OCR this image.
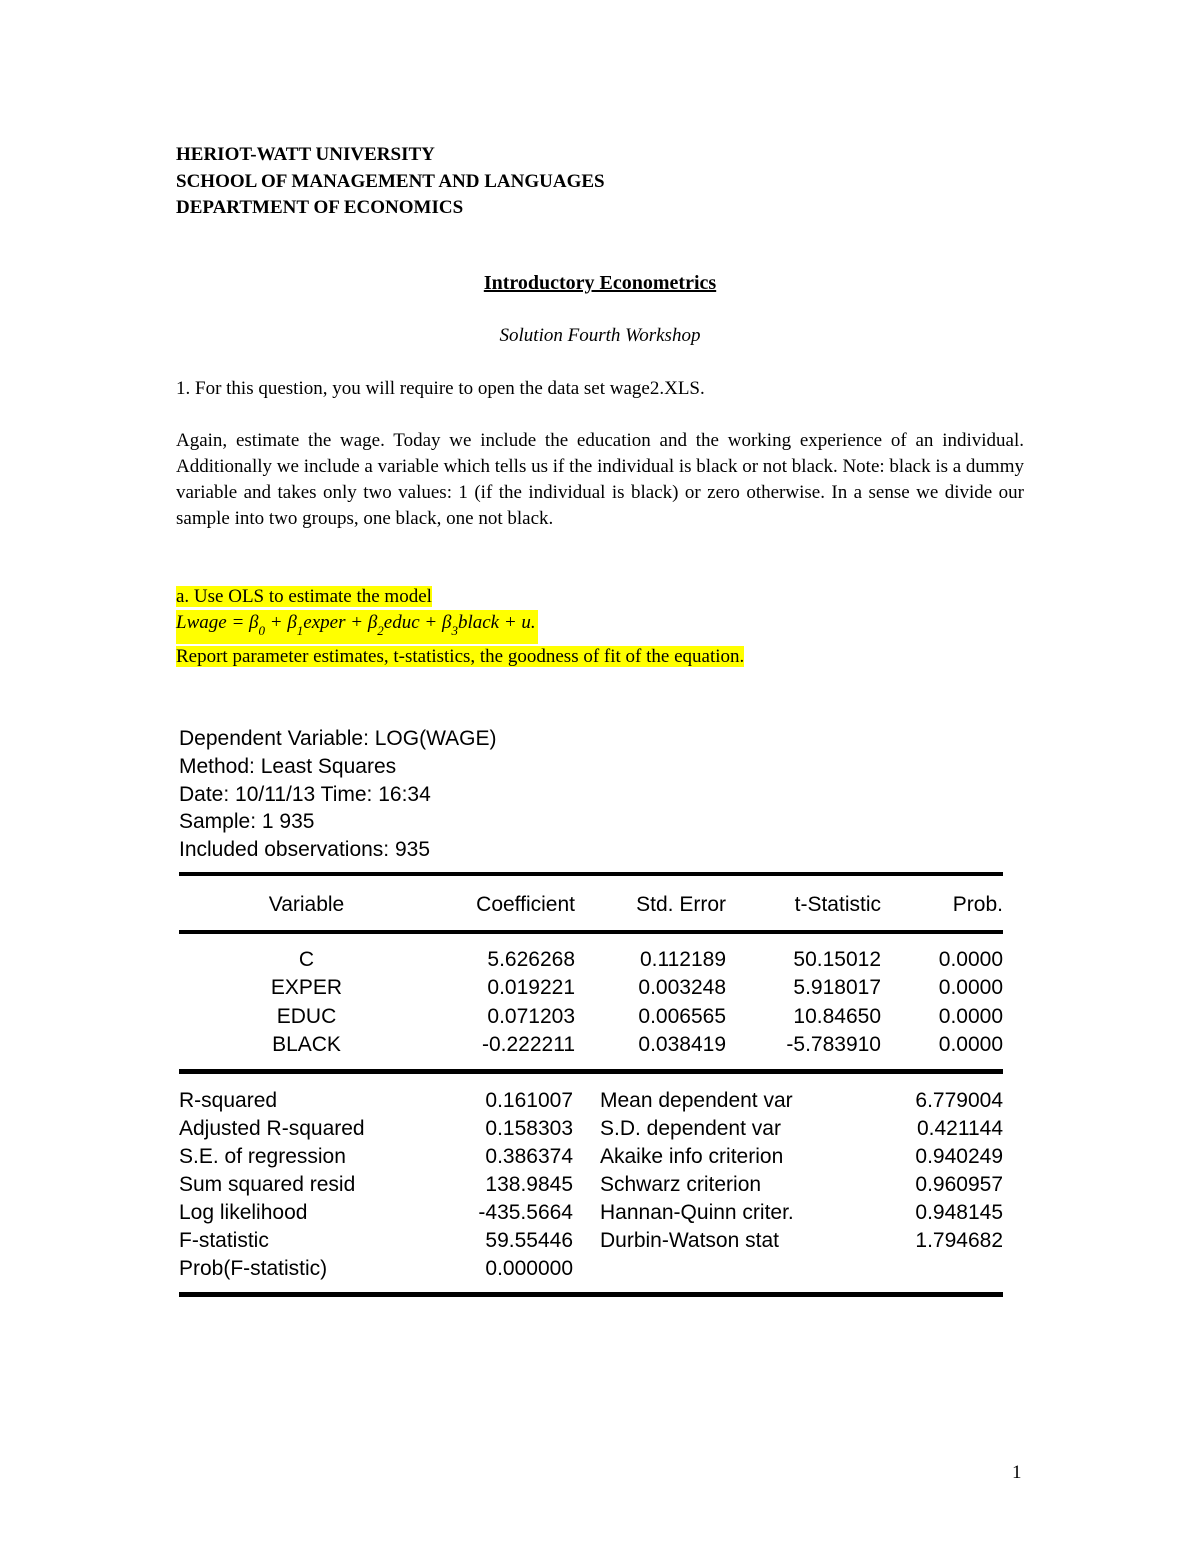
HERIOT-WATT UNIVERSITY
SCHOOL OF MANAGEMENT AND LANGUAGES
DEPARTMENT OF ECONOMICS
Introductory Econometrics
Solution Fourth Workshop
1. For this question, you will require to open the data set wage2.XLS.
Again, estimate the wage. Today we include the education and the working experience of an individual. Additionally we include a variable which tells us if the individual is black or not black. Note: black is a dummy variable and takes only two values: 1 (if the individual is black) or zero otherwise. In a sense we divide our sample into two groups, one black, one not black.
a. Use OLS to estimate the model
Lwage = $\beta_0$ + $\beta_1exper$ + $\beta_2educ$ + $\beta_3black + u$.
Report parameter estimates, t-statistics, the goodness of fit of the equation.
Dependent Variable: LOG(WAGE)
Method: Least Squares
Date: 10/11/13 Time: 16:34
Sample: 1 935
Included observations: 935
Variable	Coefficient	Std. Error	t-Statistic	Prob.
C	5.626268	0.112189	50.15012	0.0000
EXPER	0.019221	0.003248	5.918017	0.0000
EDUC	0.071203	0.006565	10.84650	0.0000
BLACK	-0.222211	0.038419	-5.783910	0.0000
R-squared	0.161007	Mean dependent var	6.779004
Adjusted R-squared	0.158303	S.D. dependent var	0.421144
S.E. of regression	0.386374	Akaike info criterion	0.940249
Sum squared resid	138.9845	Schwarz criterion	0.960957
Log likelihood	-435.5664	Hannan-Quinn criter.	0.948145
F-statistic	59.55446	Durbin-Watson stat	1.794682
Prob(F-statistic)	0.000000
1
